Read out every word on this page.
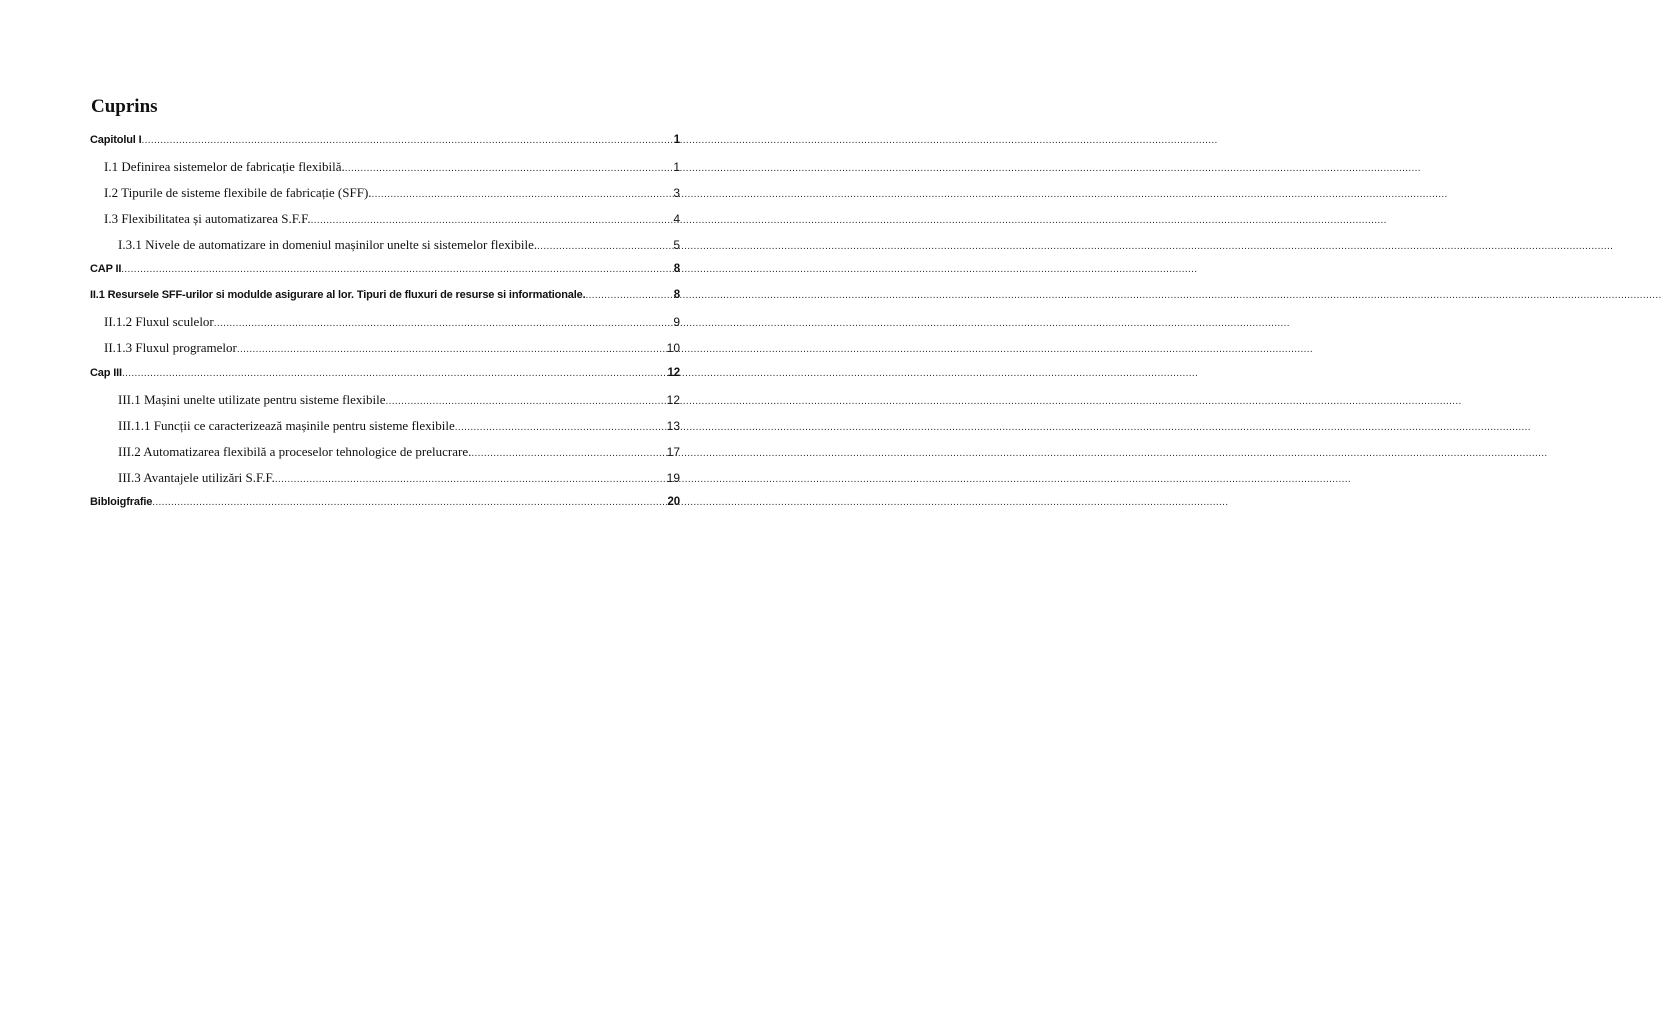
Cuprins
Capitolul I .....	1
I.1 Definirea sistemelor de fabricație flexibilă. .....	1
I.2 Tipurile de sisteme flexibile de fabricație (SFF). .....	3
I.3 Flexibilitatea și automatizarea S.F.F. .....	4
I.3.1 Nivele de automatizare in domeniul mașinilor unelte si sistemelor flexibile. .....	5
CAP II .....	8
II.1 Resursele SFF-urilor si modulde asigurare al lor. Tipuri de fluxuri de resurse si informationale. .....	8
II.1.2 Fluxul sculelor .....	9
II.1.3 Fluxul programelor .....	10
Cap III .....	12
III.1 Mașini unelte utilizate pentru sisteme flexibile .....	12
III.1.1 Funcții ce caracterizează mașinile pentru sisteme flexibile .....	13
III.2 Automatizarea flexibilă a proceselor tehnologice de prelucrare. .....	17
III.3 Avantajele utilizări S.F.F. .....	19
Bibloigfrafie .....	20
